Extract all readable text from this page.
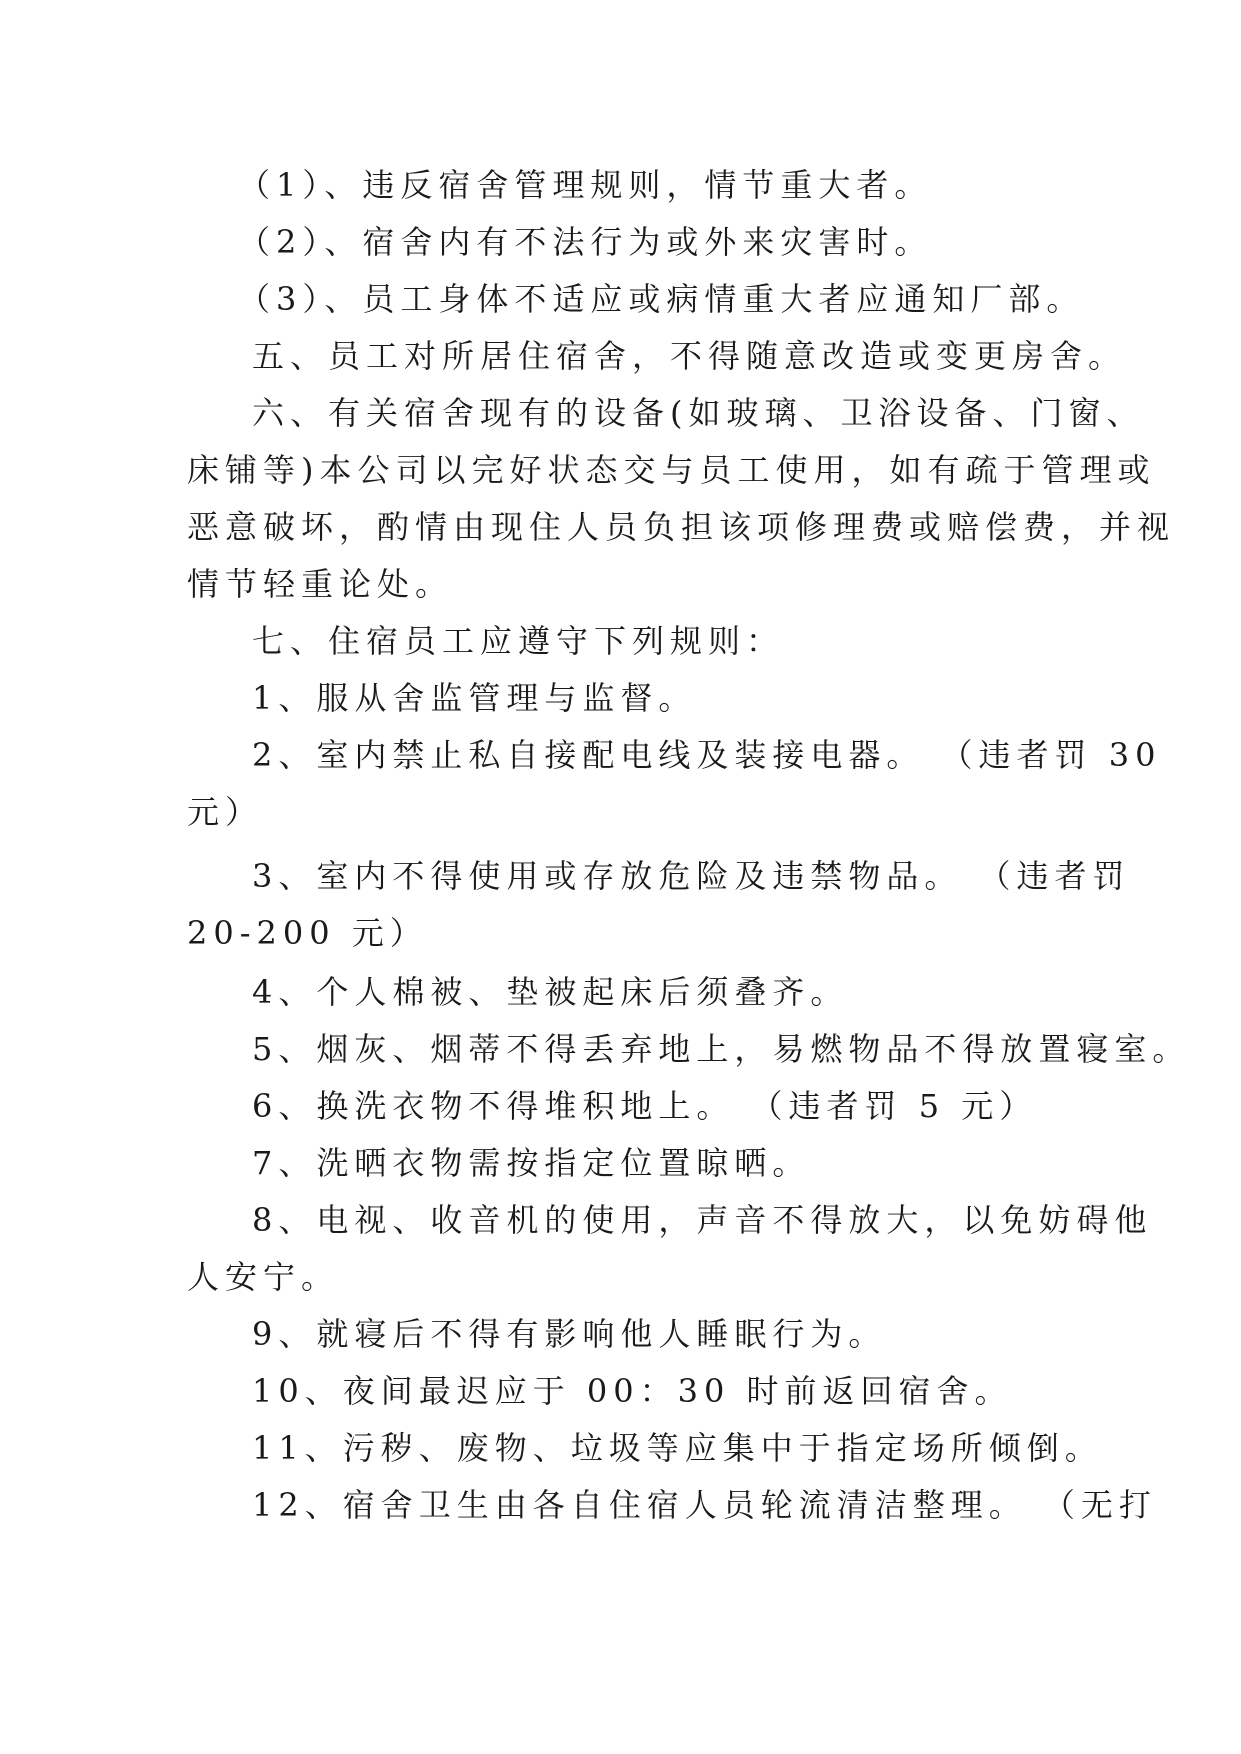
（1）、违反宿舍管理规则，情节重大者。
（2）、宿舍内有不法行为或外来灾害时。
（3）、员工身体不适应或病情重大者应通知厂部。
五、员工对所居住宿舍，不得随意改造或变更房舍。
六、有关宿舍现有的设备(如玻璃、卫浴设备、门窗、
床铺等)本公司以完好状态交与员工使用，如有疏于管理或
恶意破坏，酌情由现住人员负担该项修理费或赔偿费，并视
情节轻重论处。
七、住宿员工应遵守下列规则：
1、服从舍监管理与监督。
2、室内禁止私自接配电线及装接电器。 （违者罚 30
元）
3、室内不得使用或存放危险及违禁物品。 （违者罚
20-200 元）
4、个人棉被、垫被起床后须叠齐。
5、烟灰、烟蒂不得丢弃地上，易燃物品不得放置寝室。
6、换洗衣物不得堆积地上。 （违者罚 5 元）
7、洗晒衣物需按指定位置晾晒。
8、电视、收音机的使用，声音不得放大，以免妨碍他
人安宁。
9、就寝后不得有影响他人睡眠行为。
10、夜间最迟应于 00：30 时前返回宿舍。
11、污秽、废物、垃圾等应集中于指定场所倾倒。
12、宿舍卫生由各自住宿人员轮流清洁整理。 （无打
